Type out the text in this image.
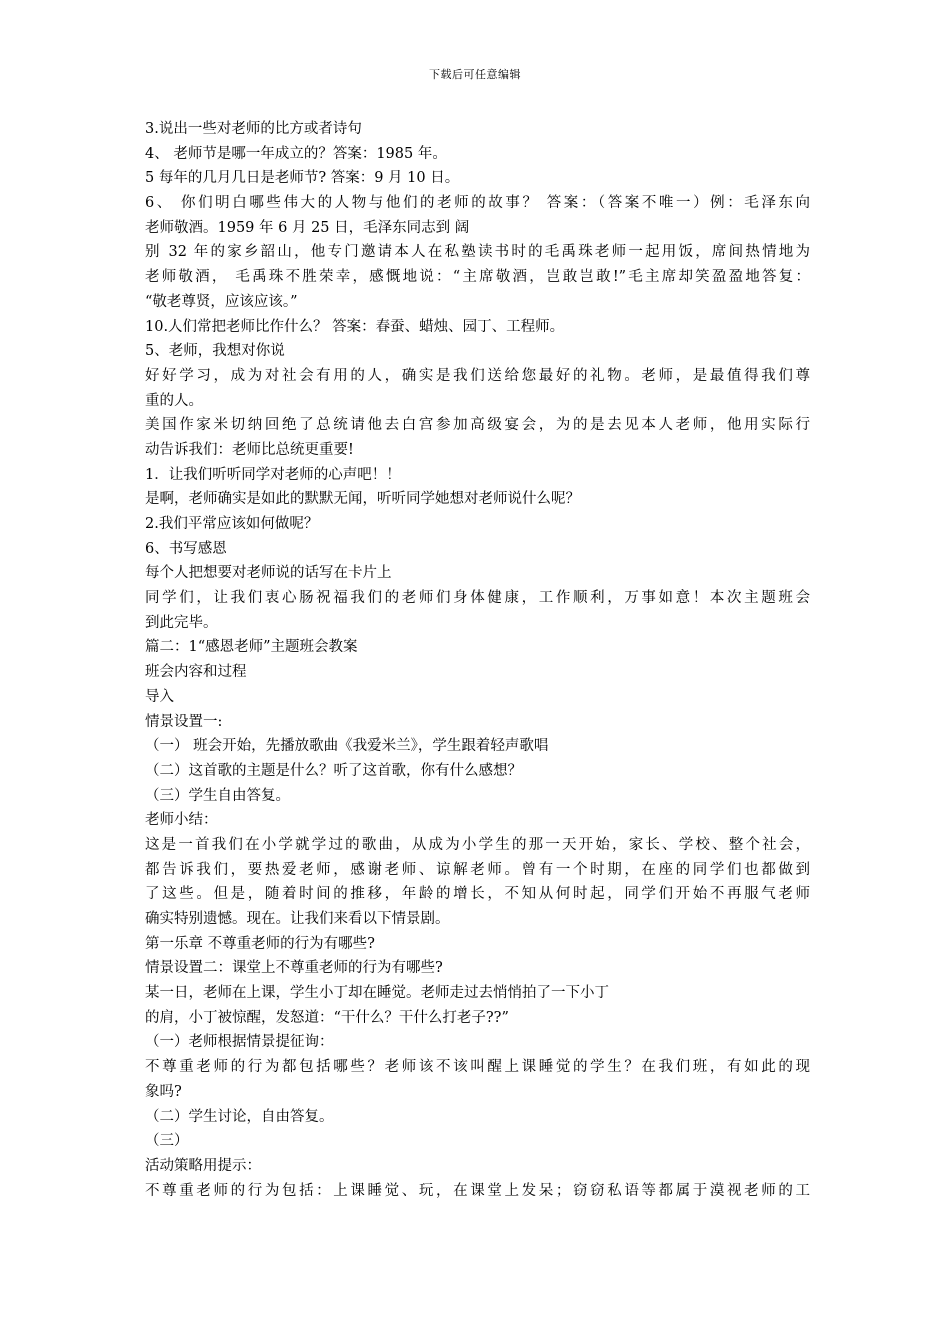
下载后可任意编辑
3.说出一些对老师的比方或者诗句
4、 老师节是哪一年成立的？答案：1985 年。
5 每年的几月几日是老师节? 答案：9 月 10 日。
6、 你们明白哪些伟大的人物与他们的老师的故事？ 答案：（答案不唯一）例：毛泽东向
老师敬酒。1959 年 6 月 25 日，毛泽东同志到 阔
别 32 年的家乡韶山，他专门邀请本人在私塾读书时的毛禹珠老师一起用饭，席间热情地为
老师敬酒， 毛禹珠不胜荣幸，感慨地说：“主席敬酒，岂敢岂敢!”毛主席却笑盈盈地答复：
“敬老尊贤，应该应该。”
10.人们常把老师比作什么？ 答案：春蚕、蜡烛、园丁、工程师。
5、老师，我想对你说
好好学习，成为对社会有用的人，确实是我们送给您最好的礼物。老师，是最值得我们尊
重的人。
美国作家米切纳回绝了总统请他去白宫参加高级宴会，为的是去见本人老师，他用实际行
动告诉我们：老师比总统更重要!
1．让我们听听同学对老师的心声吧！！
是啊，老师确实是如此的默默无闻，听听同学她想对老师说什么呢？
2.我们平常应该如何做呢？
6、书写感恩
每个人把想要对老师说的话写在卡片上
同学们，让我们衷心肠祝福我们的老师们身体健康，工作顺利，万事如意！本次主题班会
到此完毕。
篇二：1“感恩老师”主题班会教案
班会内容和过程
导入
情景设置一:
（一） 班会开始，先播放歌曲《我爱米兰》，学生跟着轻声歌唱
（二）这首歌的主题是什么？听了这首歌，你有什么感想？
（三）学生自由答复。
老师小结：
这是一首我们在小学就学过的歌曲，从成为小学生的那一天开始，家长、学校、整个社会，
都告诉我们，要热爱老师，感谢老师、谅解老师。曾有一个时期，在座的同学们也都做到
了这些。但是，随着时间的推移，年龄的增长，不知从何时起，同学们开始不再服气老师
确实特别遗憾。现在。让我们来看以下情景剧。
第一乐章 不尊重老师的行为有哪些?
情景设置二：课堂上不尊重老师的行为有哪些?
某一日，老师在上课，学生小丁却在睡觉。老师走过去悄悄拍了一下小丁
的肩，小丁被惊醒，发怒道：“干什么？干什么打老子??”
（一）老师根据情景提征询：
不尊重老师的行为都包括哪些？老师该不该叫醒上课睡觉的学生？在我们班，有如此的现
象吗?
（二）学生讨论，自由答复。
（三）
活动策略用提示：
不尊重老师的行为包括：上课睡觉、玩，在课堂上发呆；窃窃私语等都属于漠视老师的工
